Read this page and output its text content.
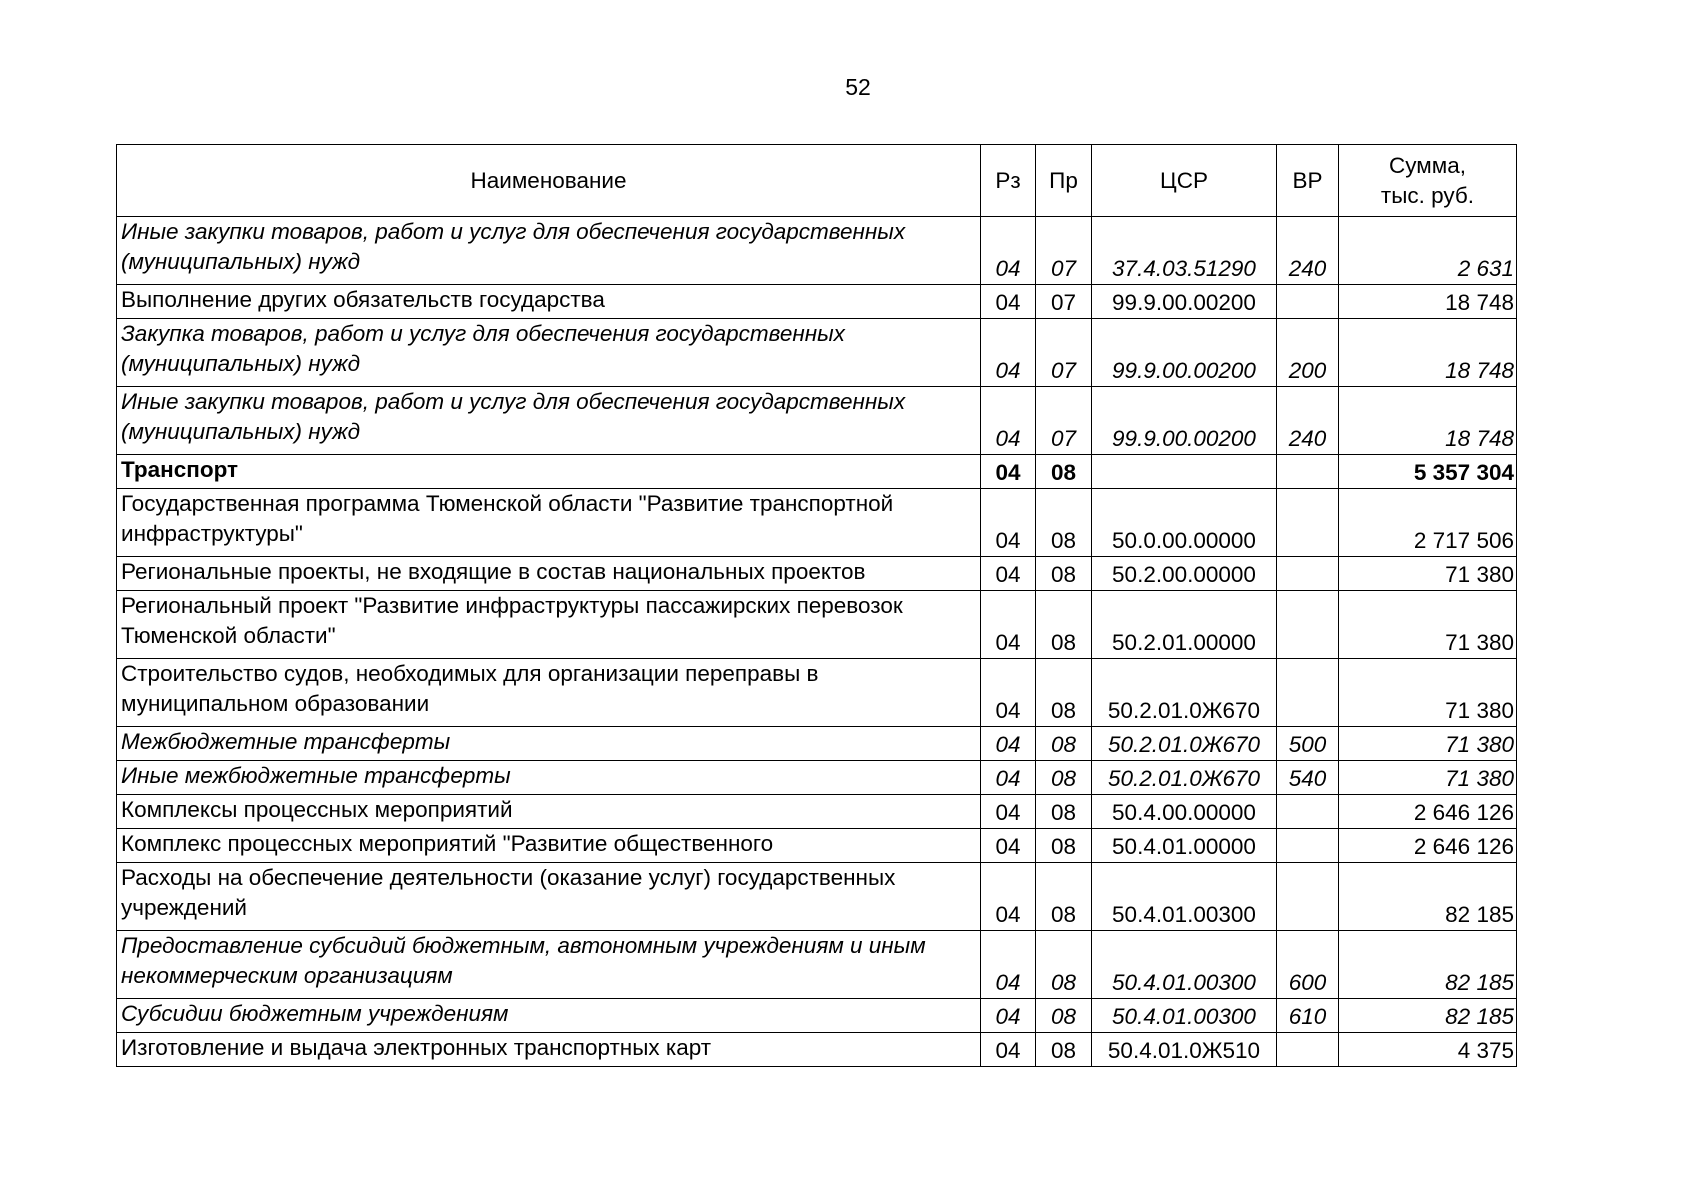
52
Наименование	Рз	Пр	ЦСР	ВР	Сумма,
тыс. руб.

Иные закупки товаров, работ и услуг для обеспечения государственных (муниципальных) нужд	04	07	37.4.03.51290	240	2 631
Выполнение других обязательств государства	04	07	99.9.00.00200		18 748
Закупка товаров, работ и услуг для обеспечения государственных (муниципальных) нужд	04	07	99.9.00.00200	200	18 748
Иные закупки товаров, работ и услуг для обеспечения государственных (муниципальных) нужд	04	07	99.9.00.00200	240	18 748
Транспорт	04	08			5 357 304
Государственная программа Тюменской области "Развитие транспортной инфраструктуры"	04	08	50.0.00.00000		2 717 506
Региональные проекты, не входящие в состав национальных проектов	04	08	50.2.00.00000		71 380
Региональный проект "Развитие инфраструктуры пассажирских перевозок Тюменской области"	04	08	50.2.01.00000		71 380
Строительство судов, необходимых для организации переправы в муниципальном образовании	04	08	50.2.01.0Ж670		71 380
Межбюджетные трансферты	04	08	50.2.01.0Ж670	500	71 380
Иные межбюджетные трансферты	04	08	50.2.01.0Ж670	540	71 380
Комплексы процессных мероприятий	04	08	50.4.00.00000		2 646 126
Комплекс процессных мероприятий "Развитие общественного	04	08	50.4.01.00000		2 646 126
Расходы на обеспечение деятельности (оказание услуг) государственных учреждений	04	08	50.4.01.00300		82 185
Предоставление субсидий бюджетным, автономным учреждениям и иным некоммерческим организациям	04	08	50.4.01.00300	600	82 185
Субсидии бюджетным учреждениям	04	08	50.4.01.00300	610	82 185
Изготовление и выдача электронных транспортных карт	04	08	50.4.01.0Ж510		4 375
